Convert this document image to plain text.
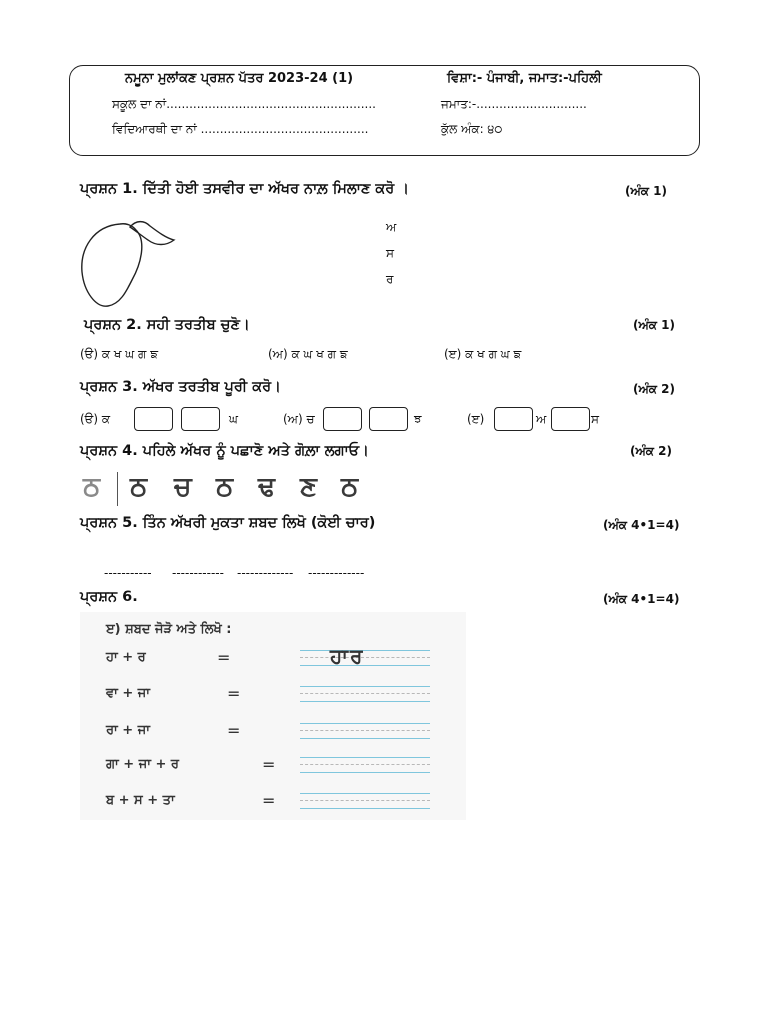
ਨਮੂਨਾ ਮੁਲਾਂਕਣ ਪ੍ਰਸ਼ਨ ਪੱਤਰ 2023-24 (1)	ਵਿਸ਼ਾ:- ਪੰਜਾਬੀ, ਜਮਾਤ:-ਪਹਿਲੀ
ਸਕੂਲ ਦਾ ਨਾਂ.......................................................	ਜਮਾਤ:-.............................
ਵਿਦਿਆਰਥੀ ਦਾ ਨਾਂ ............................................	ਕੁੱਲ ਅੰਕ: ੪੦
ਪ੍ਰਸ਼ਨ 1. ਦਿੱਤੀ ਹੋਈ ਤਸਵੀਰ ਦਾ ਅੱਖਰ ਨਾਲ਼ ਮਿਲਾਣ ਕਰੋ ।	(ਅੰਕ 1)
ਅ
ਸ
ਰ
ਪ੍ਰਸ਼ਨ 2. ਸਹੀ ਤਰਤੀਬ ਚੁਣੋ।	(ਅੰਕ 1)
(ੳ) ਕ ਖ ਘ ਗ ਙ	(ਅ) ਕ ਘ ਖ ਗ ਙ	(ੲ) ਕ ਖ ਗ ਘ ਙ
ਪ੍ਰਸ਼ਨ 3. ਅੱਖਰ ਤਰਤੀਬ ਪੂਰੀ ਕਰੋ।	(ਅੰਕ 2)
(ੳ) ਕ	ਘ	(ਅ) ਚ	ਝ	(ੲ)	ਅ	ਸ
ਪ੍ਰਸ਼ਨ 4. ਪਹਿਲੇ ਅੱਖਰ ਨੂੰ ਪਛਾਣੋ ਅਤੇ ਗੋਲ਼ਾ ਲਗਾਓ।	(ਅੰਕ 2)
ਠ ਠ ਚ ਠ ਢ ਣ ਠ
ਪ੍ਰਸ਼ਨ 5. ਤਿੰਨ ਅੱਖਰੀ ਮੁਕਤਾ ਸ਼ਬਦ ਲਿਖੋ (ਕੋਈ ਚਾਰ)	(ਅੰਕ 4•1=4)
----------- ------------ ------------- -------------
ਪ੍ਰਸ਼ਨ 6.	(ਅੰਕ 4•1=4)
ੲ) ਸ਼ਬਦ ਜੋੜੋ ਅਤੇ ਲਿਖੋ :
ਹਾ + ਰ	=	ਹਾਰ
ਵਾ + ਜਾ	=
ਰਾ + ਜਾ	=
ਗਾ + ਜਾ + ਰ	=
ਬ + ਸ + ਤਾ	=
